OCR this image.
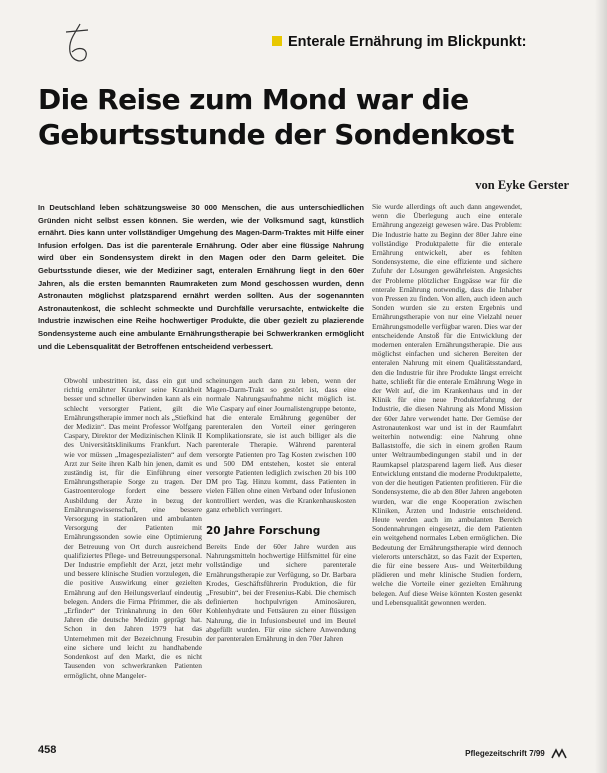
Enterale Ernährung im Blickpunkt:
Die Reise zum Mond war die
Geburtsstunde der Sondenkost
von Eyke Gerster
In Deutschland leben schätzungsweise 30 000 Menschen, die aus unterschiedlichen Gründen nicht selbst essen können. Sie werden, wie der Volksmund sagt, künstlich ernährt. Dies kann unter vollständiger Umgehung des Magen-Darm-Traktes mit Hilfe einer Infusion erfolgen. Das ist die parenterale Ernährung. Oder aber eine flüssige Nahrung wird über ein Sondensystem direkt in den Magen oder den Darm geleitet. Die Geburtsstunde dieser, wie der Mediziner sagt, enteralen Ernährung liegt in den 60er Jahren, als die ersten bemannten Raumraketen zum Mond geschossen wurden, denn Astronauten möglichst platzsparend ernährt werden sollten. Aus der sogenannten Astronautenkost, die schlecht schmeckte und Durchfälle verursachte, entwickelte die Industrie inzwischen eine Reihe hochwertiger Produkte, die über gezielt zu plazierende Sondensysteme auch eine ambulante Ernährungstherapie bei Schwerkranken ermöglicht und die Lebensqualität der Betroffenen entscheidend verbessert.
Obwohl unbestritten ist, dass ein gut und richtig ernährter Kranker seine Krankheit besser und schneller überwinden kann als ein schlecht versorgter Patient, gilt die Ernährungstherapie immer noch als „Stiefkind der Medizin“. Das meint Professor Wolfgang Caspary, Direktor der Medizinischen Klinik II des Universitätsklinikums Frankfurt. Nach wie vor müssen „Imagespezialisten“ auf dem Arzt zur Seite ihren Kalb hin jenen, damit es zuständig ist, für die Einführung einer Ernährungstherapie Sorge zu tragen. Der Gastroenterologe fordert eine bessere Ausbildung der Ärzte in bezug der Ernährungswissenschaft, eine bessere Versorgung in stationären und ambulanten Versorgung der Patienten mit Ernährungssonden sowie eine Optimierung der Betreuung von Ort durch ausreichend qualifiziertes Pflege- und Betreuungspersonal. Der Industrie empfiehlt der Arzt, jetzt mehr und bessere klinische Studien vorzulegen, die die positive Auswirkung einer gezielten Ernährung auf den Heilungsverlauf eindeutig belegen. Anders die Firma Pfrimmer, die als „Erfinder“ der Trinknahrung in den 60er Jahren die deutsche Medizin geprägt hat. Schon in den Jahren 1979 hat das Unternehmen mit der Bezeichnung Fresubin eine sichere und leicht zu handhabende Sondenkost auf den Markt, die es nicht Tausenden von schwerkranken Patienten ermöglicht, ohne Mangeler-
scheinungen auch dann zu leben, wenn der Magen-Darm-Trakt so gestört ist, dass eine normale Nahrungsaufnahme nicht möglich ist. Wie Caspary auf einer Journalistengruppe betonte, hat die enterale Ernährung gegenüber der parenteralen den Vorteil einer geringeren Komplikationsrate, sie ist auch billiger als die parenterale Therapie. Während parenteral versorgte Patienten pro Tag Kosten zwischen 100 und 500 DM entstehen, kostet sie enteral versorgte Patienten lediglich zwischen 20 bis 100 DM pro Tag. Hinzu kommt, dass Patienten in vielen Fällen ohne einen Verband oder Infusionen kontrolliert werden, was die Krankenhauskosten ganz erheblich verringert.
20 Jahre Forschung
Bereits Ende der 60er Jahre wurden aus Nahrungsmitteln hochwertige Hilfsmittel für eine vollständige und sichere parenterale Ernährungstherapie zur Verfügung, so Dr. Barbara Krodes, Geschäftsführerin Produktion, die für „Fresubin“, bei der Fresenius-Kabi. Die chemisch definierten hochpulvrigen Aminosäuren, Kohlenhydrate und Fettsäuren zu einer flüssigen Nahrung, die in Infusionsbeutel und im Beutel abgefüllt wurden. Für eine sichere Anwendung der parenteralen Ernährung in den 70er Jahren
Sie wurde allerdings oft auch dann angewendet, wenn die Überlegung auch eine enterale Ernährung angezeigt gewesen wäre. Das Problem: Die Industrie hatte zu Beginn der 80er Jahre eine vollständige Produktpalette für die enterale Ernährung entwickelt, aber es fehlten Sondensysteme, die eine effiziente und sichere Zufuhr der Lösungen gewährleisten. Angesichts der Probleme plötzlicher Engpässe war für die enterale Ernährung notwendig, dass die Inhaber von Pressen zu finden. Von allen, auch ideen auch Sonden wurden sie zu ersten Ergebnis und Ernährungstherapie von nur eine Vielzahl neuer Ernährungsmodelle verfügbar waren. Dies war der entscheidende Anstoß für die Entwicklung der modernen enteralen Ernährungstherapie. Die aus möglichst einfachen und sicheren Bereiten der enteralen Nahrung mit einem Qualitätsstandard, den die Industrie für ihre Produkte längst erreicht hatte, schließt für die enterale Ernährung Wege in der Welt auf, die im Krankenhaus und in der Klinik für eine neue Produkterfahrung der Industrie, die diesen Nahrung als Mond Mission der 60er Jahre verwendet hatte. Der Gemüse der Astronautenkost war und ist in der Raumfahrt weiterhin notwendig: eine Nahrung ohne Ballaststoffe, die sich in einem großen Raum unter Weltraumbedingungen stabil und in der Raumkapsel platzsparend lagern ließ. Aus dieser Entwicklung entstand die moderne Produktpalette, von der die heutigen Patienten profitieren. Für die Sondensysteme, die ab den 80er Jahren angeboten wurden, war die enge Kooperation zwischen Kliniken, Ärzten und Industrie entscheidend. Heute werden auch im ambulanten Bereich Sondennahrungen eingesetzt, die dem Patienten ein weitgehend normales Leben ermöglichen. Die Bedeutung der Ernährungstherapie wird dennoch vielerorts unterschätzt, so das Fazit der Experten, die für eine bessere Aus- und Weiterbildung plädieren und mehr klinische Studien fordern, welche die Vorteile einer gezielten Ernährung belegen. Auf diese Weise könnten Kosten gesenkt und Lebensqualität gewonnen werden.
458	Pflegezeitschrift 7/99
